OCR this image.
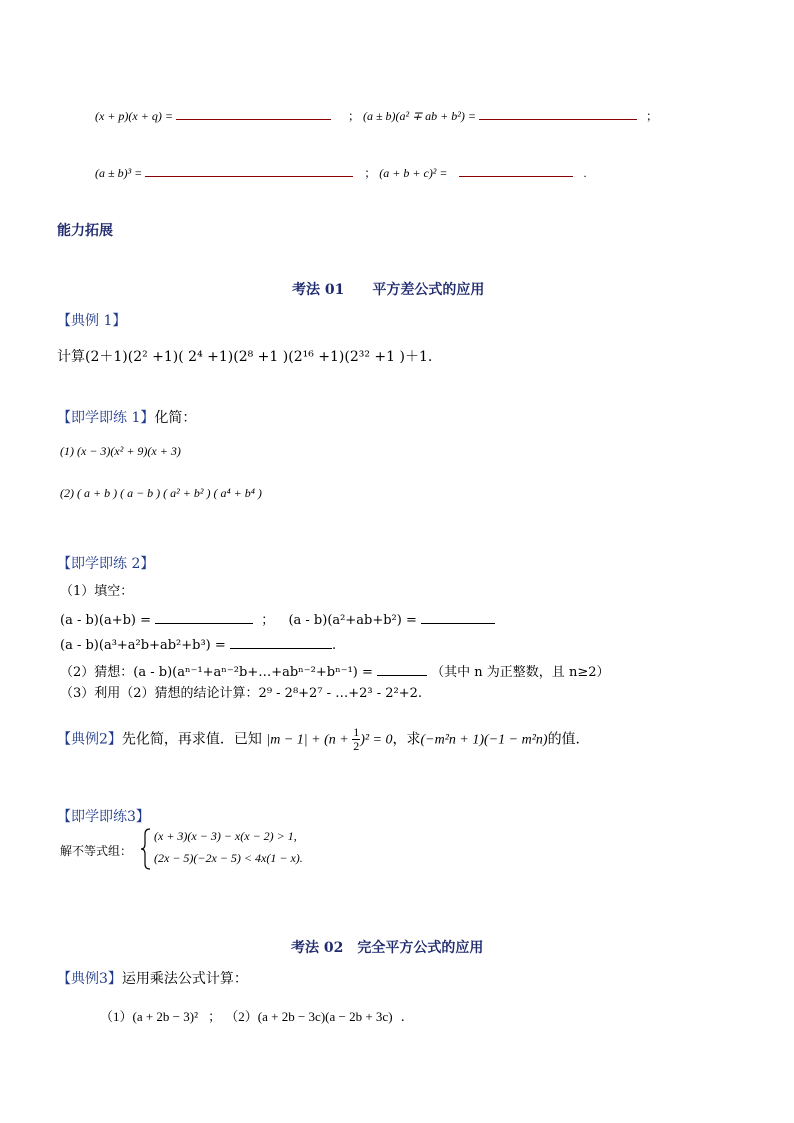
(x + p)(x + q) =	； (a ± b)(a² ∓ ab + b²) =	；
(a ± b)³ =	； (a + b + c)² =	.
能力拓展
考法 01　　平方差公式的应用
【典例 1】
计算(2＋1)(2² +1)( 2⁴ +1)(2⁸ +1 )(2¹⁶ +1)(2³² +1 )＋1.
【即学即练 1】化简：
(1) (x − 3)(x² + 9)(x + 3)
(2) ( a + b ) ( a − b ) ( a² + b² ) ( a⁴ + b⁴ )
【即学即练 2】
（1）填空：
(a - b)(a+b) =	； (a - b)(a²+ab+b²) =
(a - b)(a³+a²b+ab²+b³) =	.
（2）猜想：(a - b)(aⁿ⁻¹+aⁿ⁻²b+…+abⁿ⁻²+bⁿ⁻¹) =	（其中 n 为正整数，且 n≥2）
（3）利用（2）猜想的结论计算：2⁹ - 2⁸+2⁷ - …+2³ - 2²+2.
【典例2】先化简，再求值．已知 $|m - 1| + (n + \frac{1}{2} )^2 = 0$，求(−m²n + 1)(−1 − m²n)的值.
【即学即练3】
解不等式组：
(x + 3)(x − 3) − x(x − 2) > 1,
(2x − 5)(−2x − 5) < 4x(1 − x).
考法 02　完全平方公式的应用
【典例3】运用乘法公式计算：
（1）(a + 2b − 3)² ； （2）(a + 2b − 3c)(a − 2b + 3c) .
